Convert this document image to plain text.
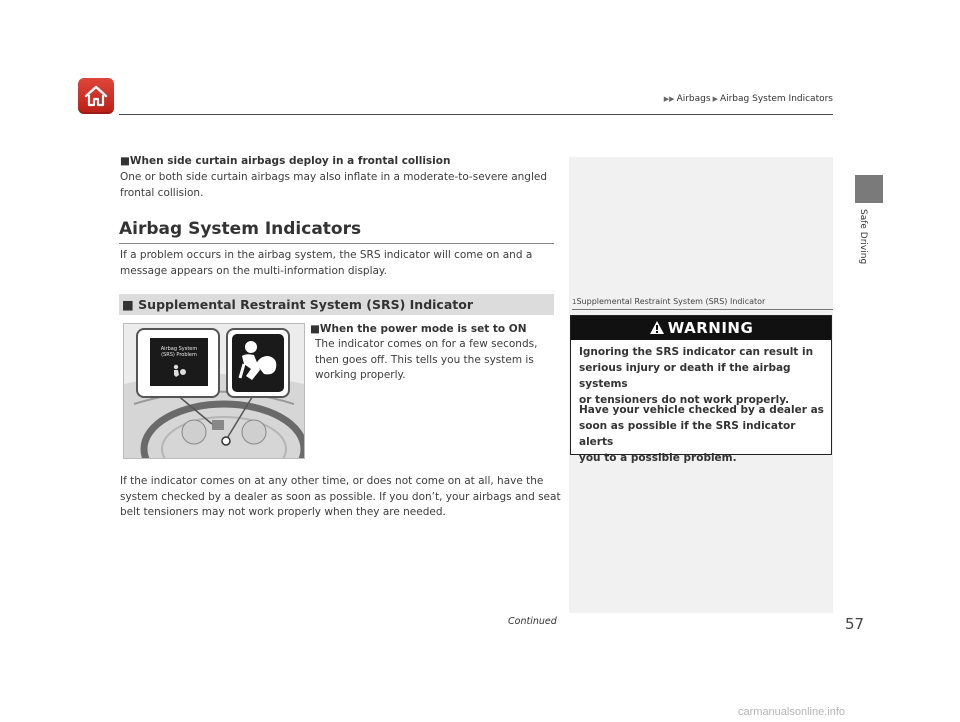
▶▶ Airbags ▶ Airbag System Indicators
Safe Driving
■When side curtain airbags deploy in a frontal collision
One or both side curtain airbags may also inflate in a moderate-to-severe angled
frontal collision.
Airbag System Indicators
If a problem occurs in the airbag system, the SRS indicator will come on and a
message appears on the multi-information display.
■ Supplemental Restraint System (SRS) Indicator
Airbag System
(SRS) Problem
■When the power mode is set to ON
The indicator comes on for a few seconds,
then goes off. This tells you the system is
working properly.
If the indicator comes on at any other time, or does not come on at all, have the
system checked by a dealer as soon as possible. If you don’t, your airbags and seat
belt tensioners may not work properly when they are needed.
1Supplemental Restraint System (SRS) Indicator
WARNING
Ignoring the SRS indicator can result in
serious injury or death if the airbag systems
or tensioners do not work properly.
Have your vehicle checked by a dealer as
soon as possible if the SRS indicator alerts
you to a possible problem.
Continued	57
carmanualsonline.info
